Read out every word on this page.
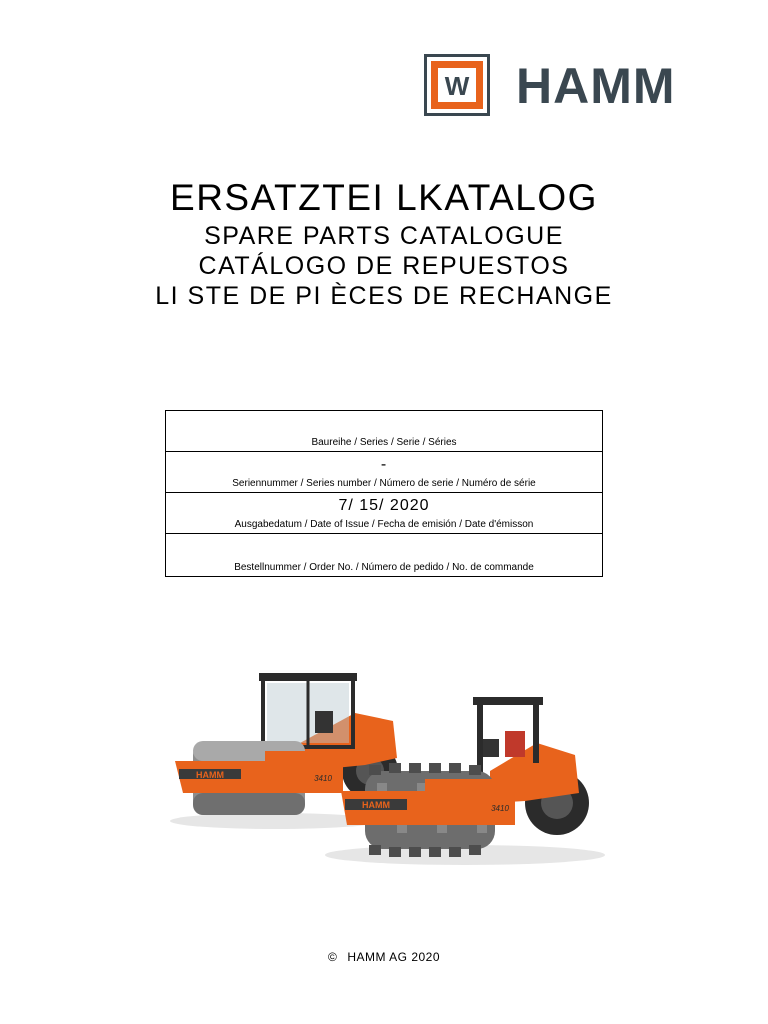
W HAMM
ERSATZTEI LKATALOG
SPARE PARTS CATALOGUE
CATÁLOGO DE REPUESTOS
LI STE DE PI ÈCES DE RECHANGE
Baureihe / Series / Serie / Séries
-
Seriennummer / Series number / Número de serie / Numéro de série
7/ 15/ 2020
Ausgabedatum / Date of Issue / Fecha de emisión / Date d'émisson
Bestellnummer / Order No. / Número de pedido / No. de commande
HAMM	3410
HAMM	3410
© HAMM AG 2020
